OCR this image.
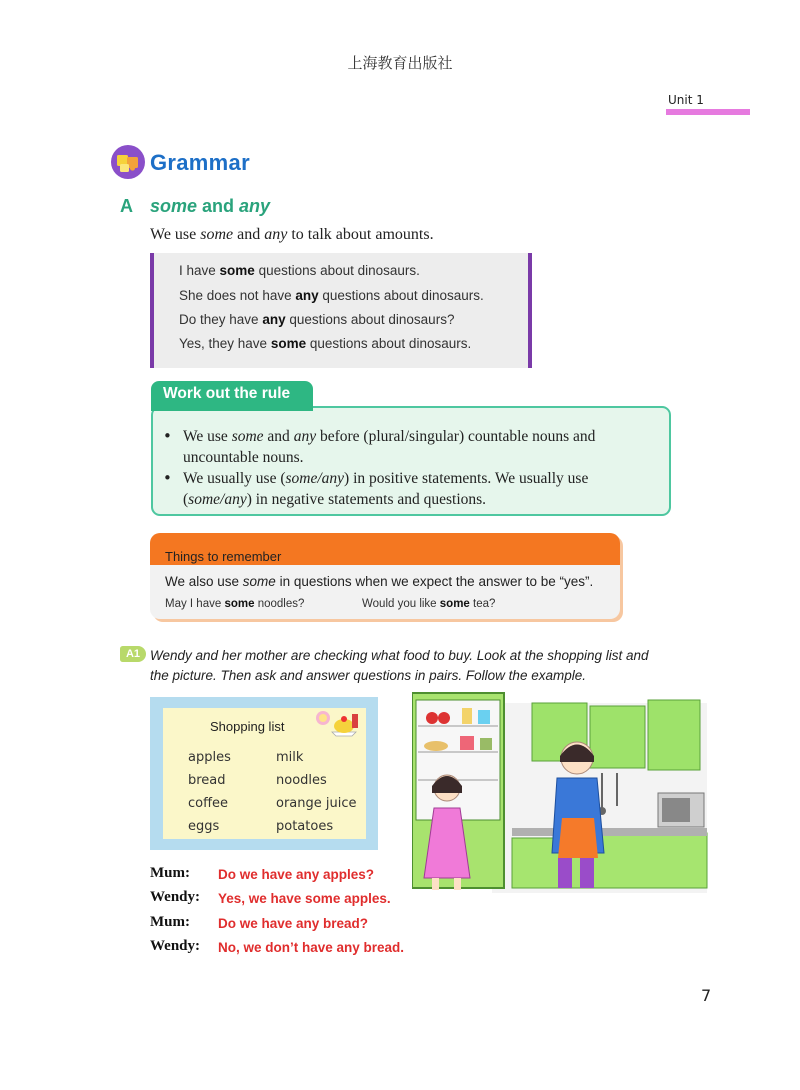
上海教育出版社
Unit 1
Grammar
A some and any
We use some and any to talk about amounts.
I have some questions about dinosaurs.
She does not have any questions about dinosaurs.
Do they have any questions about dinosaurs?
Yes, they have some questions about dinosaurs.
Work out the rule
• We use some and any before (plural/singular) countable nouns and
uncountable nouns.
• We usually use (some/any) in positive statements. We usually use
(some/any) in negative statements and questions.
Things to remember
We also use some in questions when we expect the answer to be “yes”.
May I have some noodles?	Would you like some tea?
A1 Wendy and her mother are checking what food to buy. Look at the shopping list and the picture. Then ask and answer questions in pairs. Follow the example.
Shopping list
apples
bread
coffee
eggs
milk
noodles
orange juice
potatoes
Mum: Do we have any apples?
Wendy: Yes, we have some apples.
Mum: Do we have any bread?
Wendy: No, we don’t have any bread.
7
